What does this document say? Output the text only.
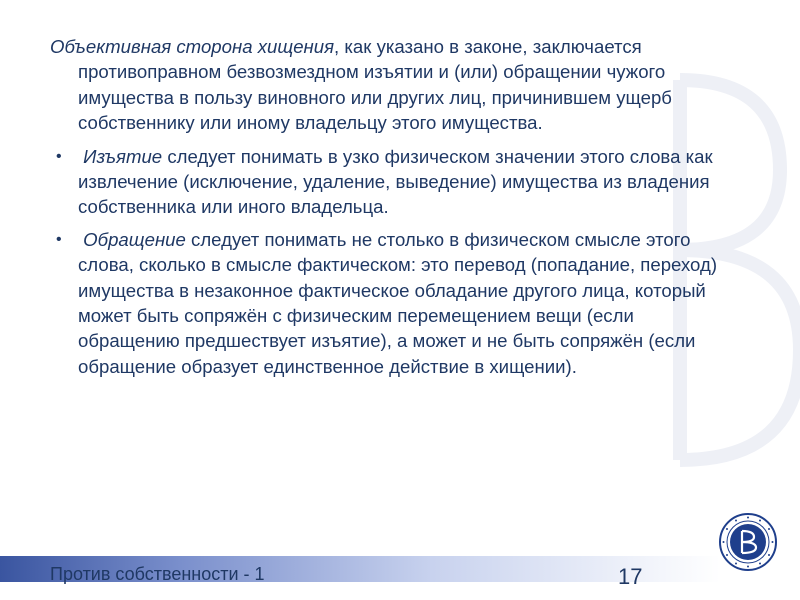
Объективная сторона хищения, как указано в законе, заключается противоправном безвозмездном изъятии и (или) обращении чужого имущества в пользу виновного или других лиц, причинившем ущерб собственнику или иному владельцу этого имущества.

• Изъятие следует понимать в узко физическом значении этого слова как извлечение (исключение, удаление, выведение) имущества из владения собственника или иного владельца.
• Обращение следует понимать не столько в физическом смысле этого слова, сколько в смысле фактическом: это перевод (попадание, переход) имущества в незаконное фактическое обладание другого лица, который может быть сопряжён с физическим перемещением вещи (если обращению предшествует изъятие), а может и не быть сопряжён (если обращение образует единственное действие в хищении).
Против собственности - 1	17
